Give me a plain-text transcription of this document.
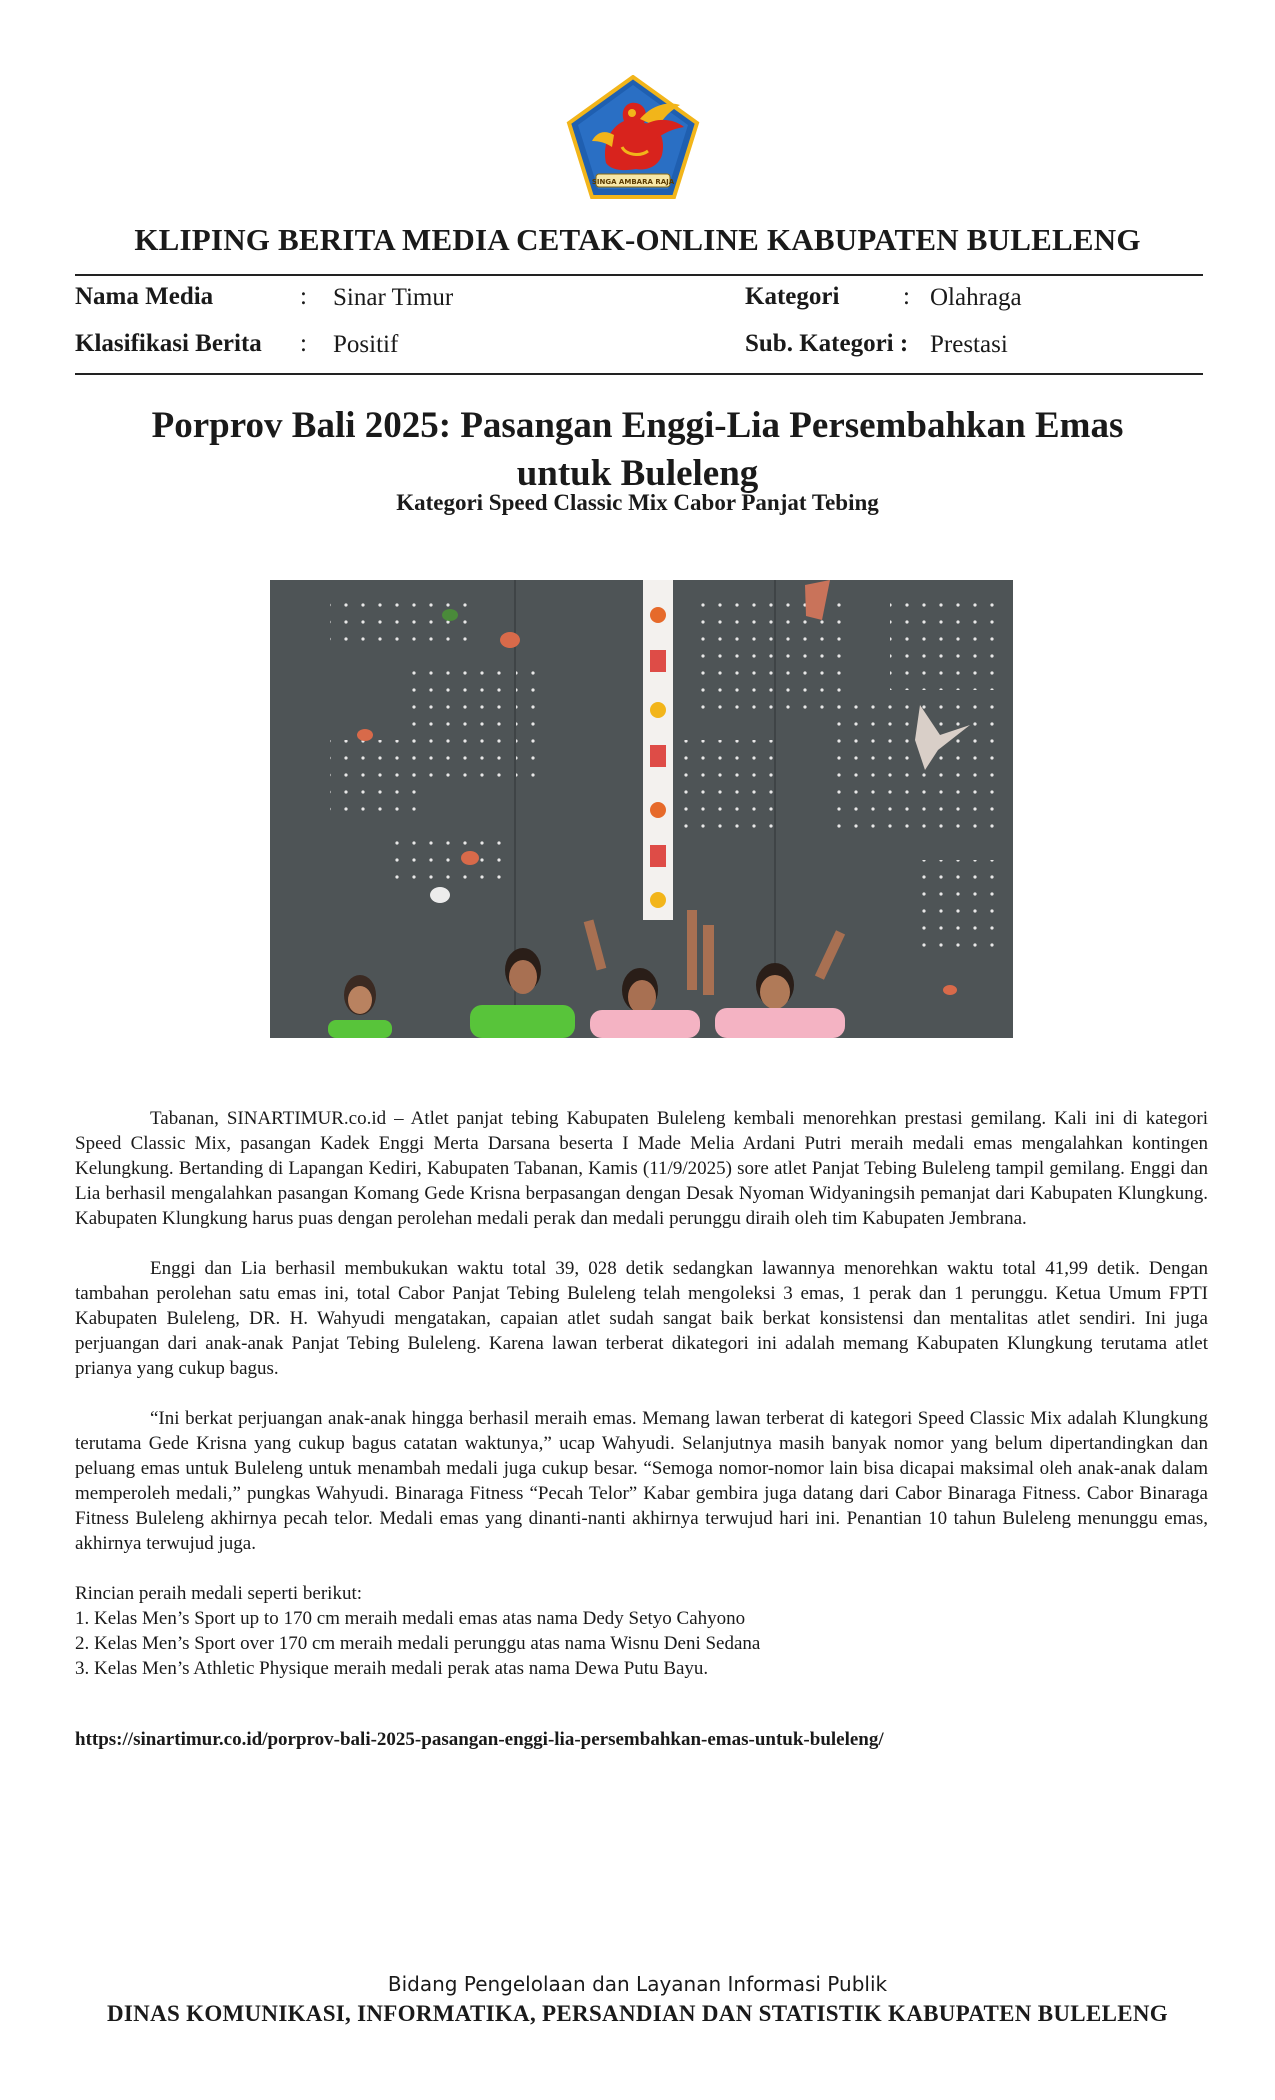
SINGA AMBARA RAJA
KLIPING BERITA MEDIA CETAK-ONLINE KABUPATEN BULELENG
Nama Media	: Sinar Timur	Kategori	: Olahraga
Klasifikasi Berita : Positif	Sub. Kategori : Prestasi
Porprov Bali 2025: Pasangan Enggi-Lia Persembahkan Emas untuk Buleleng
Kategori Speed Classic Mix Cabor Panjat Tebing

Tabanan, SINARTIMUR.co.id – Atlet panjat tebing Kabupaten Buleleng kembali menorehkan prestasi gemilang. Kali ini di kategori Speed Classic Mix, pasangan Kadek Enggi Merta Darsana beserta I Made Melia Ardani Putri meraih medali emas mengalahkan kontingen Kelungkung. Bertanding di Lapangan Kediri, Kabupaten Tabanan, Kamis (11/9/2025) sore atlet Panjat Tebing Buleleng tampil gemilang. Enggi dan Lia berhasil mengalahkan pasangan Komang Gede Krisna berpasangan dengan Desak Nyoman Widyaningsih pemanjat dari Kabupaten Klungkung. Kabupaten Klungkung harus puas dengan perolehan medali perak dan medali perunggu diraih oleh tim Kabupaten Jembrana.

Enggi dan Lia berhasil membukukan waktu total 39, 028 detik sedangkan lawannya menorehkan waktu total 41,99 detik. Dengan tambahan perolehan satu emas ini, total Cabor Panjat Tebing Buleleng telah mengoleksi 3 emas, 1 perak dan 1 perunggu. Ketua Umum FPTI Kabupaten Buleleng, DR. H. Wahyudi mengatakan, capaian atlet sudah sangat baik berkat konsistensi dan mentalitas atlet sendiri. Ini juga perjuangan dari anak-anak Panjat Tebing Buleleng. Karena lawan terberat dikategori ini adalah memang Kabupaten Klungkung terutama atlet prianya yang cukup bagus.

“Ini berkat perjuangan anak-anak hingga berhasil meraih emas. Memang lawan terberat di kategori Speed Classic Mix adalah Klungkung terutama Gede Krisna yang cukup bagus catatan waktunya,” ucap Wahyudi. Selanjutnya masih banyak nomor yang belum dipertandingkan dan peluang emas untuk Buleleng untuk menambah medali juga cukup besar. “Semoga nomor-nomor lain bisa dicapai maksimal oleh anak-anak dalam memperoleh medali,” pungkas Wahyudi. Binaraga Fitness “Pecah Telor” Kabar gembira juga datang dari Cabor Binaraga Fitness. Cabor Binaraga Fitness Buleleng akhirnya pecah telor. Medali emas yang dinanti-nanti akhirnya terwujud hari ini. Penantian 10 tahun Buleleng menunggu emas, akhirnya terwujud juga.

Rincian peraih medali seperti berikut:

1. Kelas Men’s Sport up to 170 cm meraih medali emas atas nama Dedy Setyo Cahyono

2. Kelas Men’s Sport over 170 cm meraih medali perunggu atas nama Wisnu Deni Sedana

3. Kelas Men’s Athletic Physique meraih medali perak atas nama Dewa Putu Bayu.

https://sinartimur.co.id/porprov-bali-2025-pasangan-enggi-lia-persembahkan-emas-untuk-buleleng/
Bidang Pengelolaan dan Layanan Informasi Publik
DINAS KOMUNIKASI, INFORMATIKA, PERSANDIAN DAN STATISTIK KABUPATEN BULELENG
